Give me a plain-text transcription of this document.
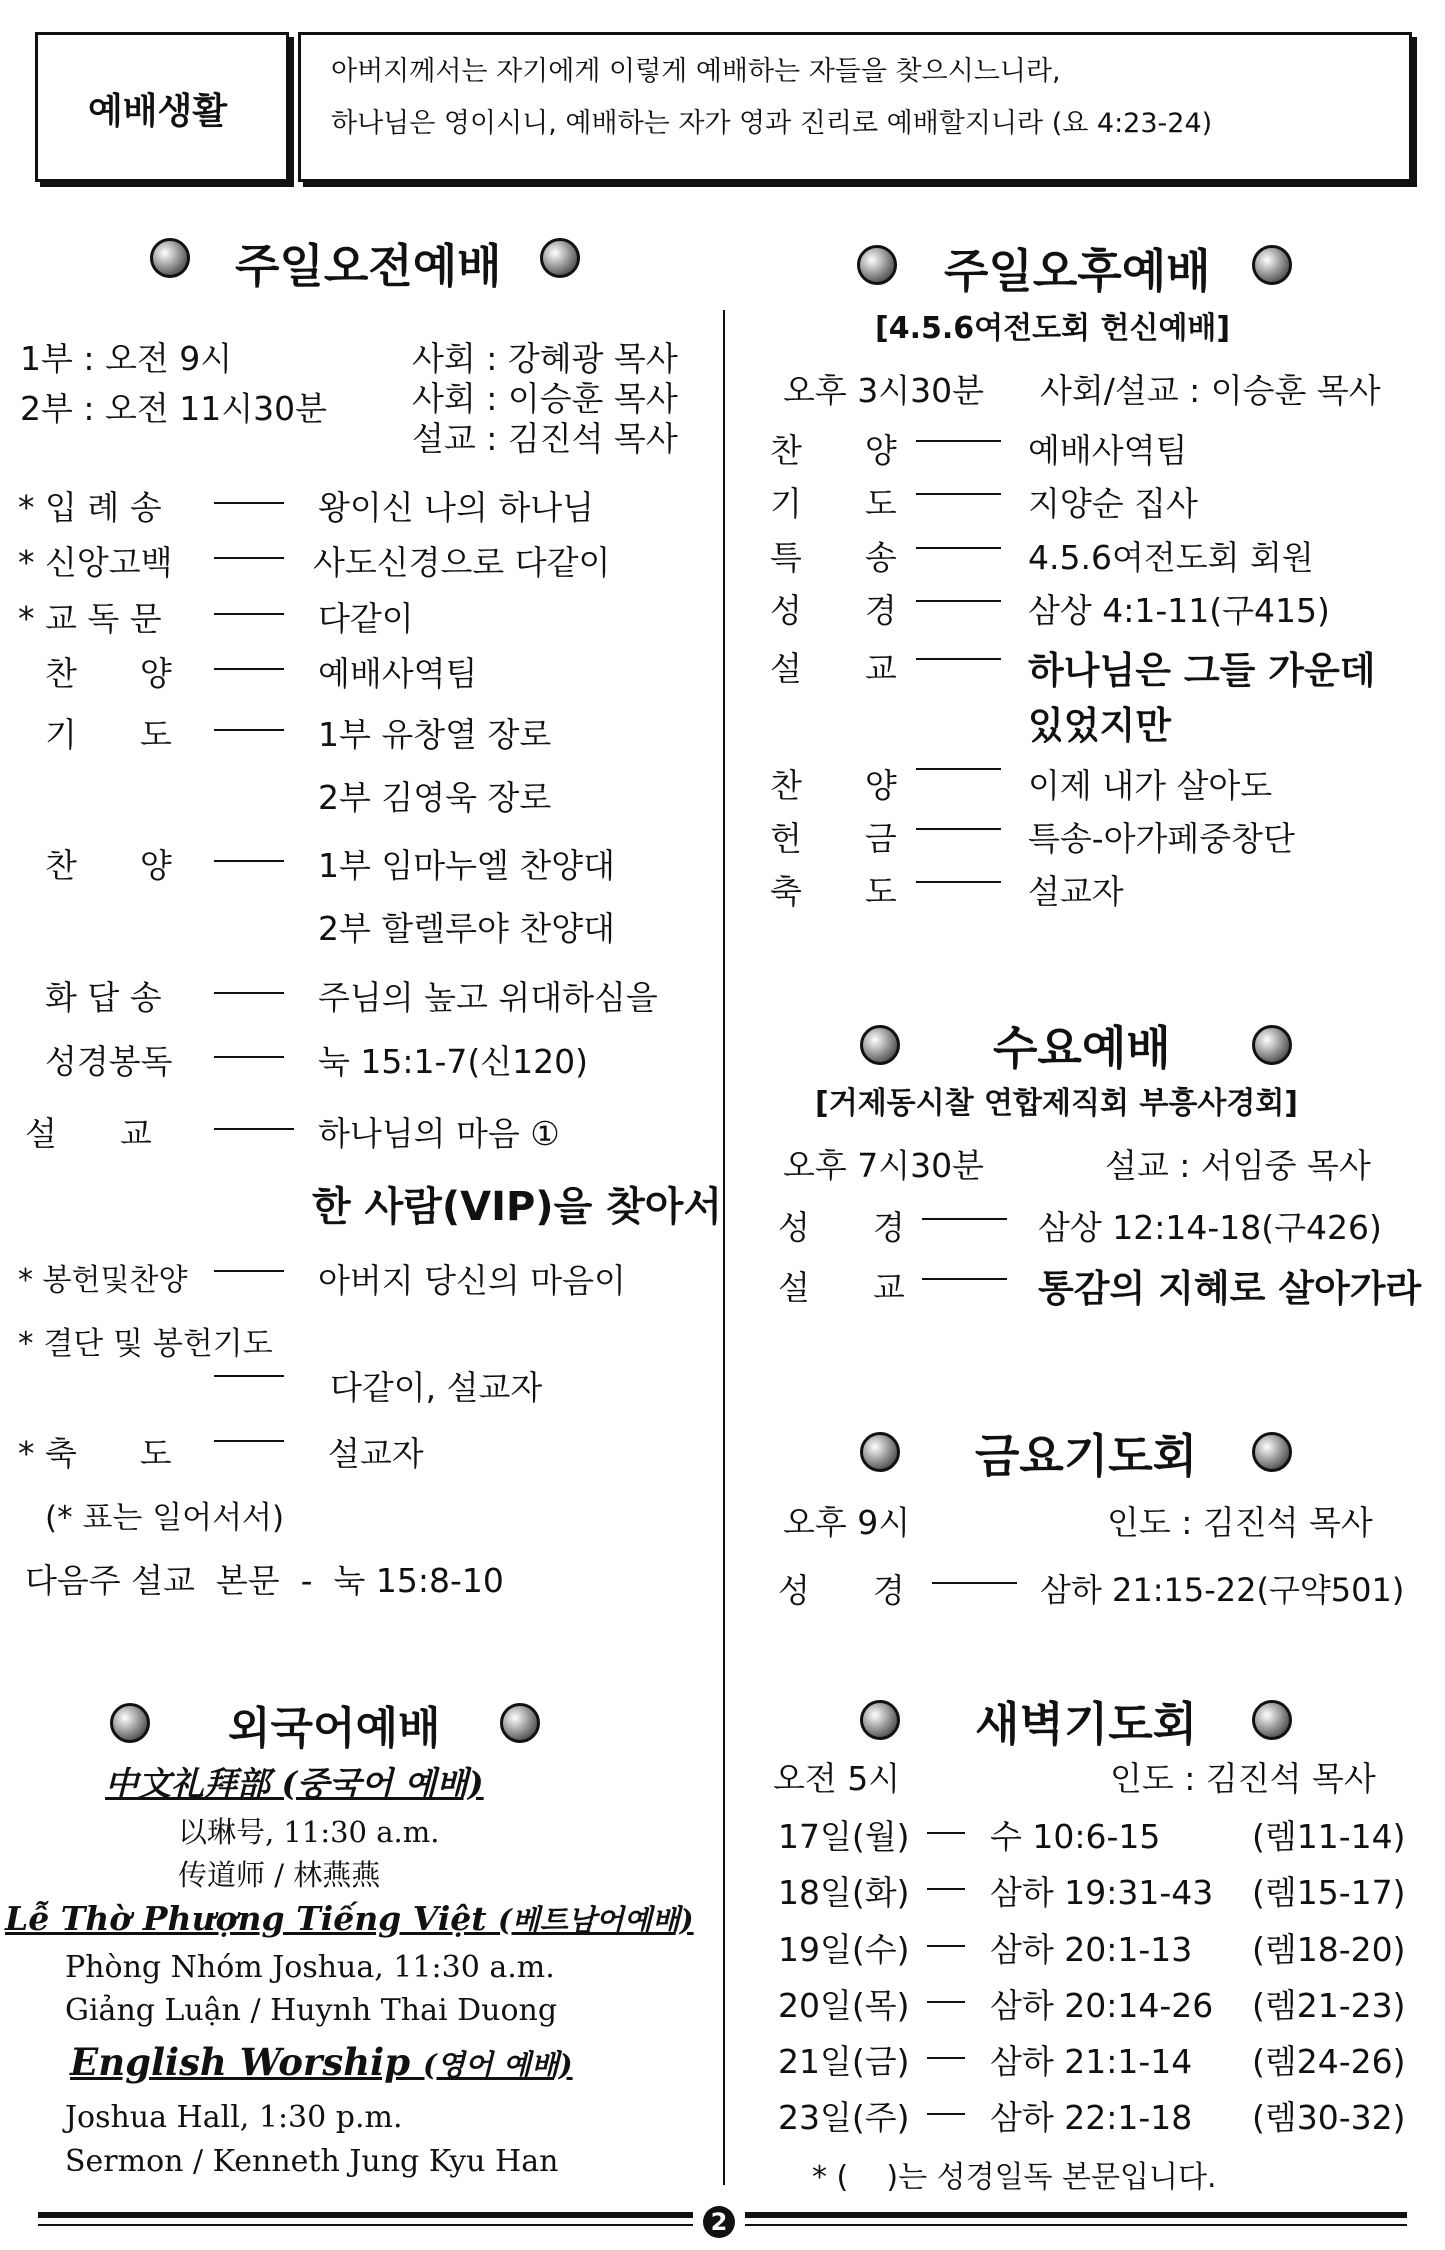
예배생활
아버지께서는 자기에게 이렇게 예배하는 자들을 찾으시느니라,
하나님은 영이시니, 예배하는 자가 영과 진리로 예배할지니라 (요 4:23-24)
주일오전예배
1부 : 오전 9시
2부 : 오전 11시30분
사회 : 강혜광 목사
사회 : 이승훈 목사
설교 : 김진석 목사
* 입 례 송	왕이신 나의 하나님
* 신앙고백	사도신경으로 다같이
* 교 독 문	다같이
찬      양	예배사역팀
기      도	1부 유창열 장로
2부 김영욱 장로
찬      양	1부 임마누엘 찬양대
2부 할렐루야 찬양대
화 답 송	주님의 높고 위대하심을
성경봉독	눅 15:1-7(신120)
설      교	하나님의 마음 ①
한 사람(VIP)을 찾아서
* 봉헌및찬양	아버지 당신의 마음이
* 결단 및 봉헌기도
다같이, 설교자
* 축      도	설교자
(* 표는 일어서서)
다음주 설교  본문  -  눅 15:8-10
외국어예배
中文礼拜部 (중국어 예배)
以琳号, 11:30 a.m.
传道师 / 林燕燕
Lễ Thờ Phượng Tiếng Việt (베트남어예배)
Phòng Nhóm Joshua, 11:30 a.m.
Giảng Luận / Huynh Thai Duong
English Worship (영어 예배)
Joshua Hall, 1:30 p.m.
Sermon / Kenneth Jung Kyu Han
주일오후예배
[4.5.6여전도회 헌신예배]
오후 3시30분 사회/설교 : 이승훈 목사
찬      양	예배사역팀
기      도	지양순 집사
특      송	4.5.6여전도회 회원
성      경	삼상 4:1-11(구415)
설      교	하나님은 그들 가운데
있었지만
찬      양	이제 내가 살아도
헌      금	특송-아가페중창단
축      도	설교자
수요예배
[거제동시찰 연합제직회 부흥사경회]
오후 7시30분	설교 : 서임중 목사
성      경	삼상 12:14-18(구426)
설      교	통감의 지혜로 살아가라
금요기도회
오후 9시	인도 : 김진석 목사
성      경	삼하 21:15-22(구약501)
새벽기도회
오전 5시	인도 : 김진석 목사
17일(월) 수 10:6-15	(렘11-14)
18일(화) 삼하 19:31-43 (렘15-17)
19일(수) 삼하 20:1-13 (렘18-20)
20일(목) 삼하 20:14-26 (렘21-23)
21일(금) 삼하 21:1-14 (렘24-26)
23일(주) 삼하 22:1-18 (렘30-32)
* (    )는 성경일독 본문입니다.
2
